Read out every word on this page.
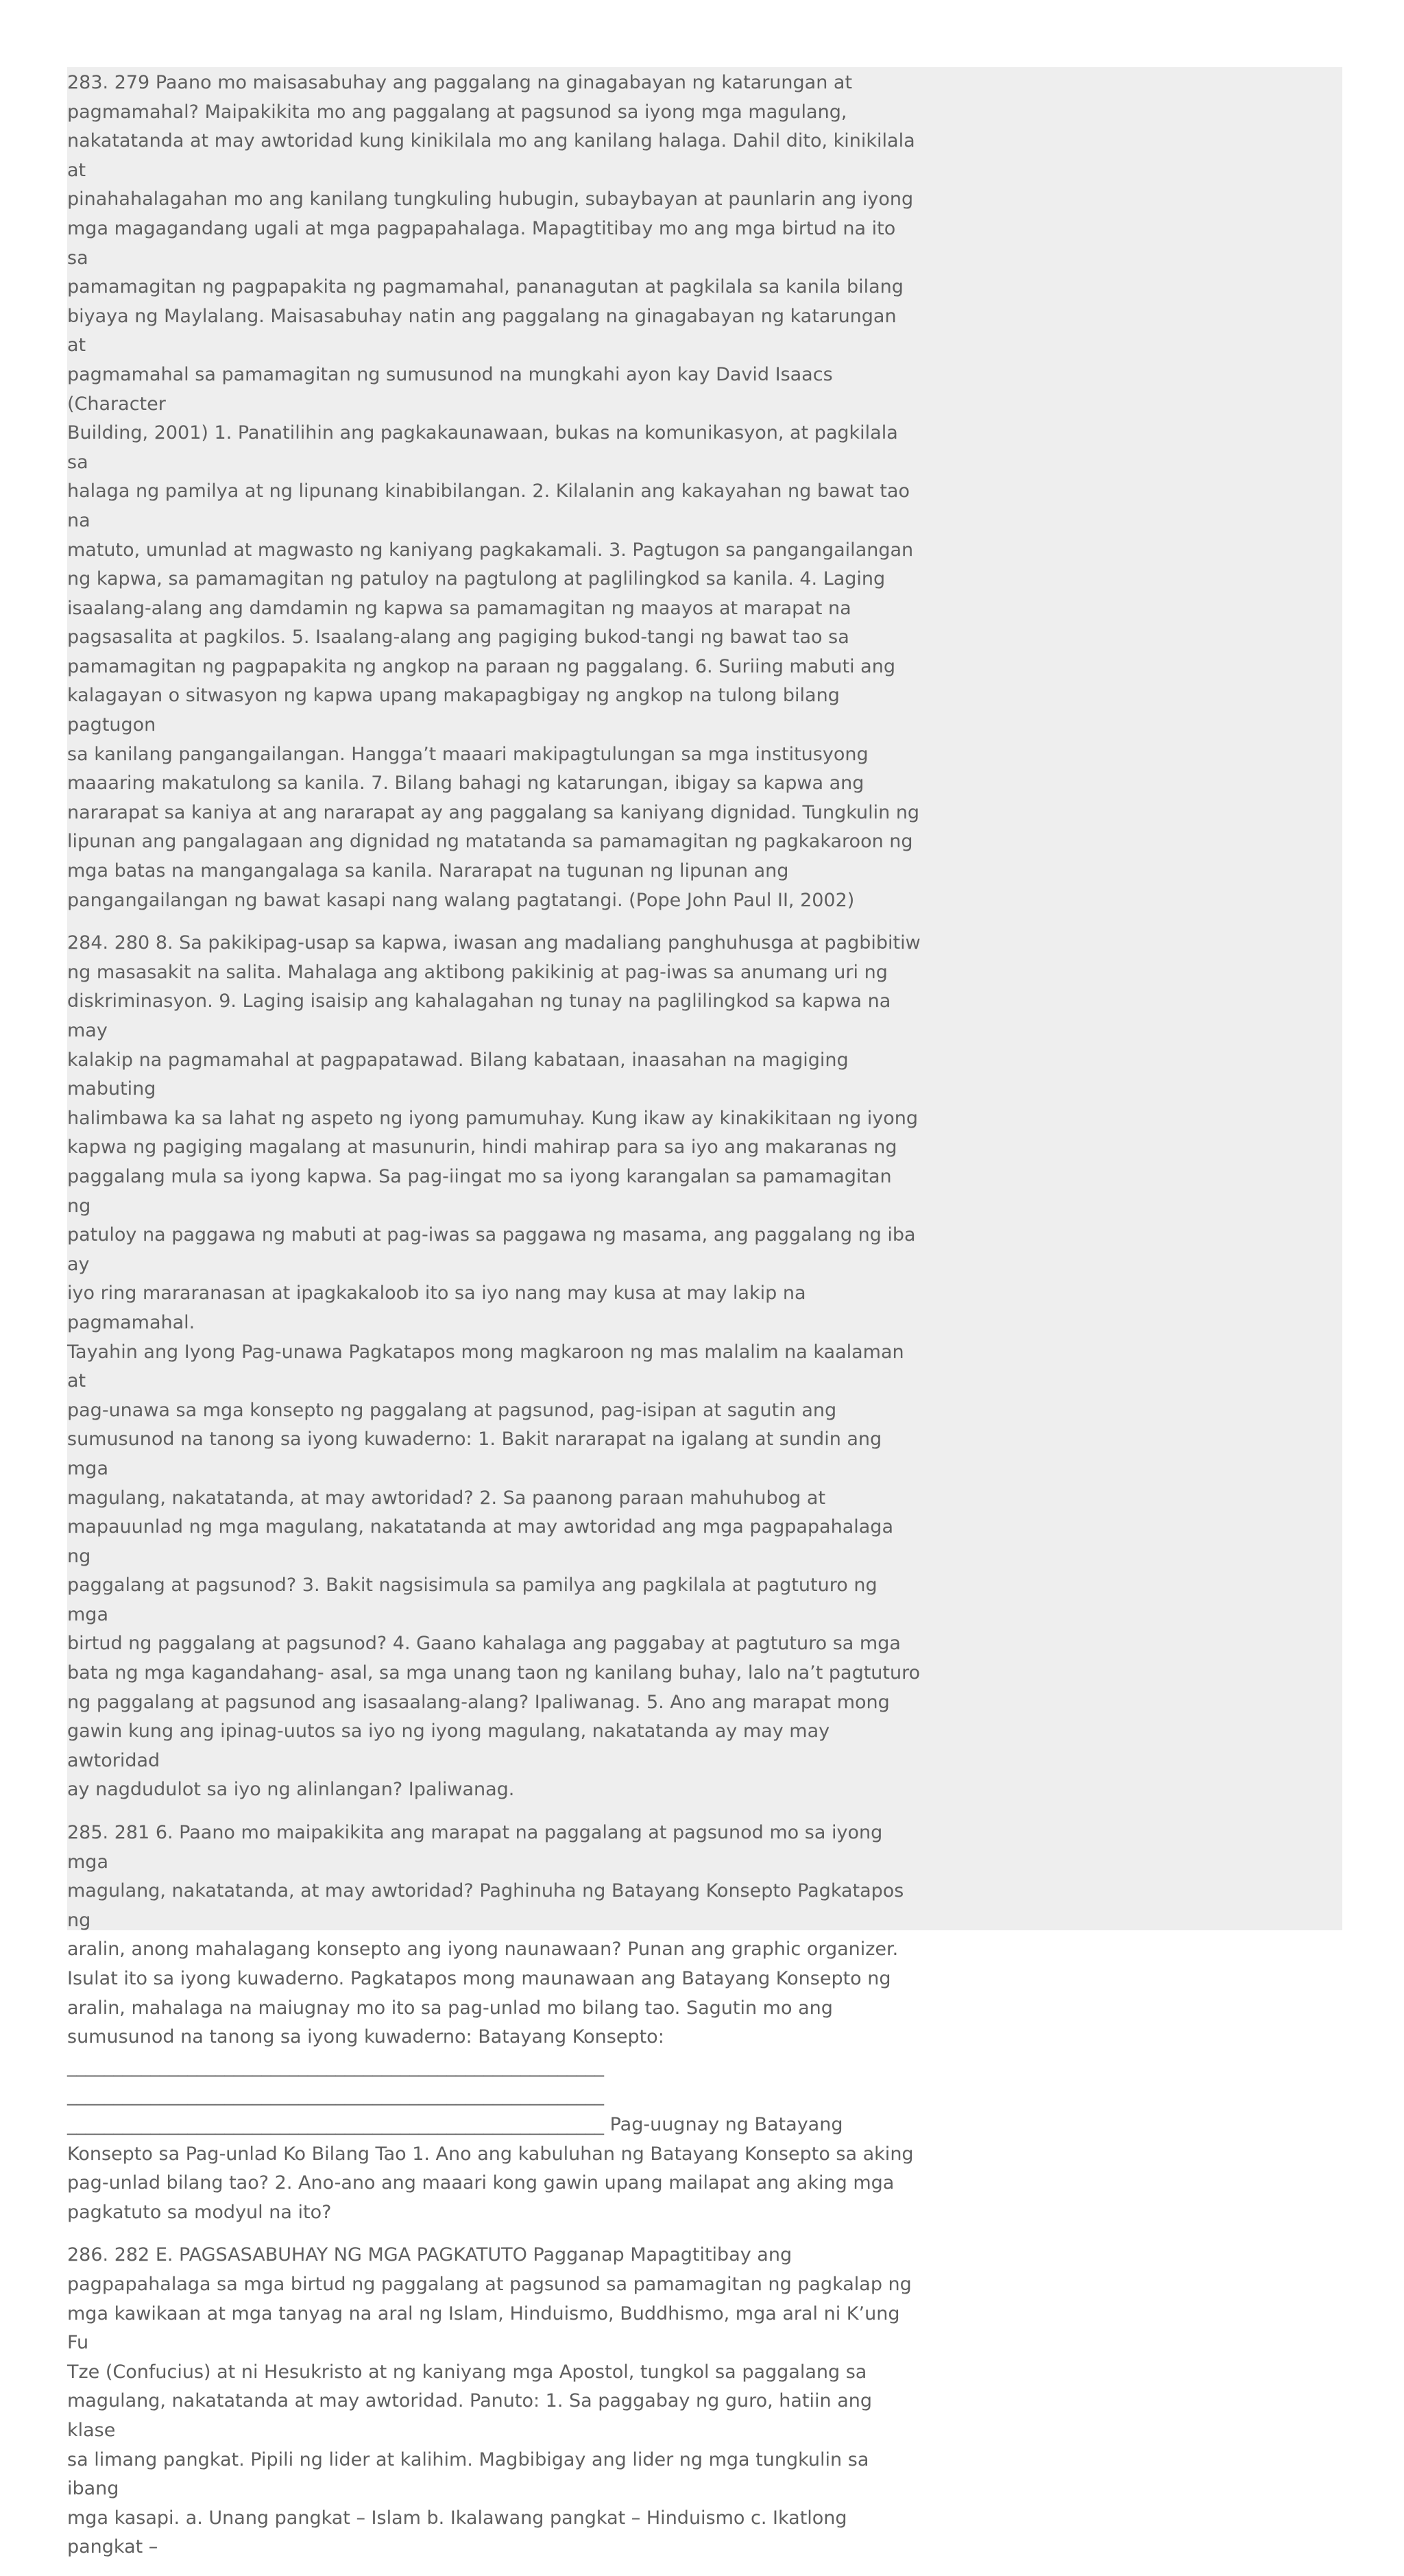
283. 279 Paano mo maisasabuhay ang paggalang na ginagabayan ng katarungan at
pagmamahal? Maipakikita mo ang paggalang at pagsunod sa iyong mga magulang,
nakatatanda at may awtoridad kung kinikilala mo ang kanilang halaga. Dahil dito, kinikilala at
pinahahalagahan mo ang kanilang tungkuling hubugin, subaybayan at paunlarin ang iyong
mga magagandang ugali at mga pagpapahalaga. Mapagtitibay mo ang mga birtud na ito sa
pamamagitan ng pagpapakita ng pagmamahal, pananagutan at pagkilala sa kanila bilang
biyaya ng Maylalang. Maisasabuhay natin ang paggalang na ginagabayan ng katarungan at
pagmamahal sa pamamagitan ng sumusunod na mungkahi ayon kay David Isaacs (Character
Building, 2001) 1. Panatilihin ang pagkakaunawaan, bukas na komunikasyon, at pagkilala sa
halaga ng pamilya at ng lipunang kinabibilangan. 2. Kilalanin ang kakayahan ng bawat tao na
matuto, umunlad at magwasto ng kaniyang pagkakamali. 3. Pagtugon sa pangangailangan
ng kapwa, sa pamamagitan ng patuloy na pagtulong at paglilingkod sa kanila. 4. Laging
isaalang-alang ang damdamin ng kapwa sa pamamagitan ng maayos at marapat na
pagsasalita at pagkilos. 5. Isaalang-alang ang pagiging bukod-tangi ng bawat tao sa
pamamagitan ng pagpapakita ng angkop na paraan ng paggalang. 6. Suriing mabuti ang
kalagayan o sitwasyon ng kapwa upang makapagbigay ng angkop na tulong bilang pagtugon
sa kanilang pangangailangan. Hangga’t maaari makipagtulungan sa mga institusyong
maaaring makatulong sa kanila. 7. Bilang bahagi ng katarungan, ibigay sa kapwa ang
nararapat sa kaniya at ang nararapat ay ang paggalang sa kaniyang dignidad. Tungkulin ng
lipunan ang pangalagaan ang dignidad ng matatanda sa pamamagitan ng pagkakaroon ng
mga batas na mangangalaga sa kanila. Nararapat na tugunan ng lipunan ang
pangangailangan ng bawat kasapi nang walang pagtatangi. (Pope John Paul II, 2002)

284. 280 8. Sa pakikipag-usap sa kapwa, iwasan ang madaliang panghuhusga at pagbibitiw
ng masasakit na salita. Mahalaga ang aktibong pakikinig at pag-iwas sa anumang uri ng
diskriminasyon. 9. Laging isaisip ang kahalagahan ng tunay na paglilingkod sa kapwa na may
kalakip na pagmamahal at pagpapatawad. Bilang kabataan, inaasahan na magiging mabuting
halimbawa ka sa lahat ng aspeto ng iyong pamumuhay. Kung ikaw ay kinakikitaan ng iyong
kapwa ng pagiging magalang at masunurin, hindi mahirap para sa iyo ang makaranas ng
paggalang mula sa iyong kapwa. Sa pag-iingat mo sa iyong karangalan sa pamamagitan ng
patuloy na paggawa ng mabuti at pag-iwas sa paggawa ng masama, ang paggalang ng iba ay
iyo ring mararanasan at ipagkakaloob ito sa iyo nang may kusa at may lakip na pagmamahal.
Tayahin ang Iyong Pag-unawa Pagkatapos mong magkaroon ng mas malalim na kaalaman at
pag-unawa sa mga konsepto ng paggalang at pagsunod, pag-isipan at sagutin ang
sumusunod na tanong sa iyong kuwaderno: 1. Bakit nararapat na igalang at sundin ang mga
magulang, nakatatanda, at may awtoridad? 2. Sa paanong paraan mahuhubog at
mapauunlad ng mga magulang, nakatatanda at may awtoridad ang mga pagpapahalaga ng
paggalang at pagsunod? 3. Bakit nagsisimula sa pamilya ang pagkilala at pagtuturo ng mga
birtud ng paggalang at pagsunod? 4. Gaano kahalaga ang paggabay at pagtuturo sa mga
bata ng mga kagandahang- asal, sa mga unang taon ng kanilang buhay, lalo na’t pagtuturo
ng paggalang at pagsunod ang isasaalang-alang? Ipaliwanag. 5. Ano ang marapat mong
gawin kung ang ipinag-uutos sa iyo ng iyong magulang, nakatatanda ay may may awtoridad
ay nagdudulot sa iyo ng alinlangan? Ipaliwanag.

285. 281 6. Paano mo maipakikita ang marapat na paggalang at pagsunod mo sa iyong mga
magulang, nakatatanda, at may awtoridad? Paghinuha ng Batayang Konsepto Pagkatapos ng
aralin, anong mahalagang konsepto ang iyong naunawaan? Punan ang graphic organizer.
Isulat ito sa iyong kuwaderno. Pagkatapos mong maunawaan ang Batayang Konsepto ng
aralin, mahalaga na maiugnay mo ito sa pag-unlad mo bilang tao. Sagutin mo ang
sumusunod na tanong sa iyong kuwaderno: Batayang Konsepto:
__________________________________________________________
__________________________________________________________
__________________________________________________________ Pag-uugnay ng Batayang
Konsepto sa Pag-unlad Ko Bilang Tao 1. Ano ang kabuluhan ng Batayang Konsepto sa aking
pag-unlad bilang tao? 2. Ano-ano ang maaari kong gawin upang mailapat ang aking mga
pagkatuto sa modyul na ito?

286. 282 E. PAGSASABUHAY NG MGA PAGKATUTO Pagganap Mapagtitibay ang
pagpapahalaga sa mga birtud ng paggalang at pagsunod sa pamamagitan ng pagkalap ng
mga kawikaan at mga tanyag na aral ng Islam, Hinduismo, Buddhismo, mga aral ni K’ung Fu
Tze (Confucius) at ni Hesukristo at ng kaniyang mga Apostol, tungkol sa paggalang sa
magulang, nakatatanda at may awtoridad. Panuto: 1. Sa paggabay ng guro, hatiin ang klase
sa limang pangkat. Pipili ng lider at kalihim. Magbibigay ang lider ng mga tungkulin sa ibang
mga kasapi. a. Unang pangkat – Islam b. Ikalawang pangkat – Hinduismo c. Ikatlong pangkat –
